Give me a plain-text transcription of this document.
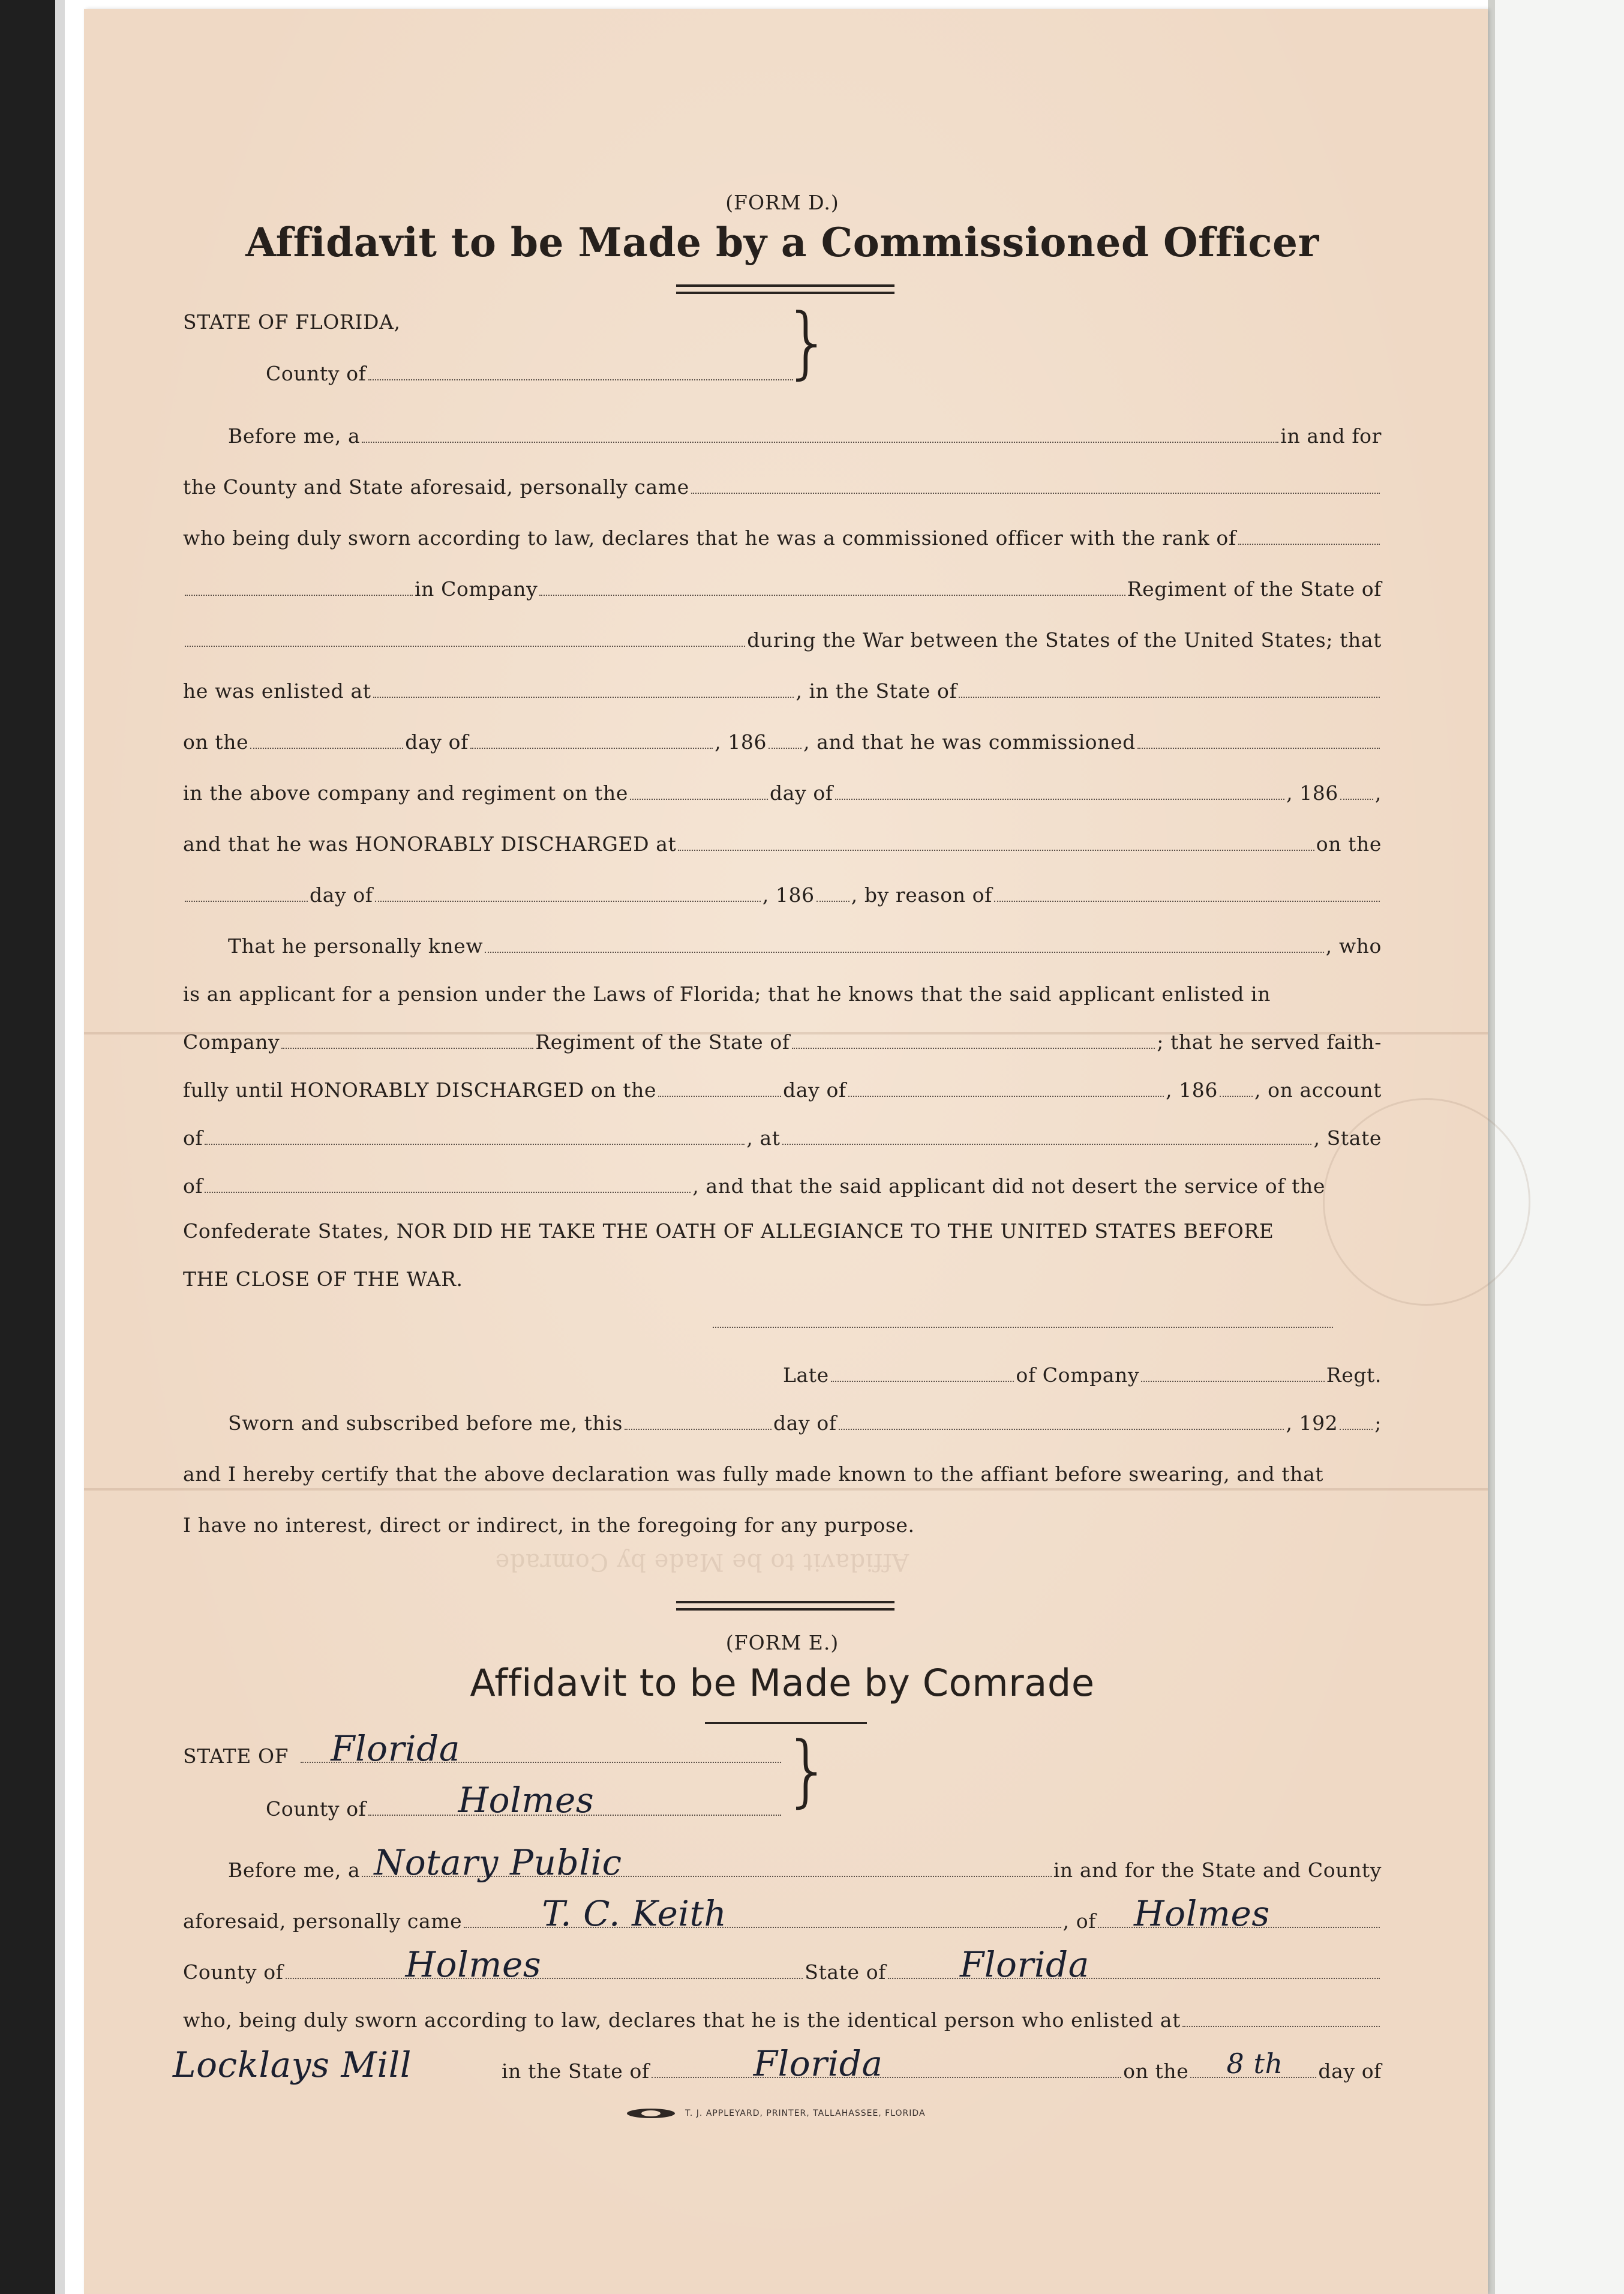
(FORM D.)
Affidavit to be Made by a Commissioned Officer
STATE OF FLORIDA,
County of	}
Before me, a	in and for
the County and State aforesaid, personally came
who being duly sworn according to law, declares that he was a commissioned officer with the rank of
in Company	Regiment of the State of
during the War between the States of the United States; that
he was enlisted at	, in the State of
on the	day of	, 186 , and that he was commissioned
in the above company and regiment on the	day of	, 186 ,
and that he was HONORABLY DISCHARGED at	on the
day of	, 186 , by reason of
That he personally knew	, who
is an applicant for a pension under the Laws of Florida; that he knows that the said applicant enlisted in
Company	Regiment of the State of	; that he served faith-
fully until HONORABLY DISCHARGED on the	day of	, 186 , on account
of	, at	, State
of	, and that the said applicant did not desert the service of the
Confederate States, NOR DID HE TAKE THE OATH OF ALLEGIANCE TO THE UNITED STATES BEFORE
THE CLOSE OF THE WAR.
Late	of Company	Regt.
Sworn and subscribed before me, this	day of	, 192 ;
and I hereby certify that the above declaration was fully made known to the affiant before swearing, and that
I have no interest, direct or indirect, in the foregoing for any purpose.
Affidavit to be Made by Comrade
(FORM E.)
Affidavit to be Made by Comrade
STATE OF Florida
County of	Holmes }
Before me, a Notary Public	in and for the State and County
aforesaid, personally came T. C. Keith	, of Holmes
County of	Holmes	State of Florida
who, being duly sworn according to law, declares that he is the identical person who enlisted at
Locklays Mill	in the State of	Florida	on the 8 th day of
T. J. APPLEYARD, PRINTER, TALLAHASSEE, FLORIDA
